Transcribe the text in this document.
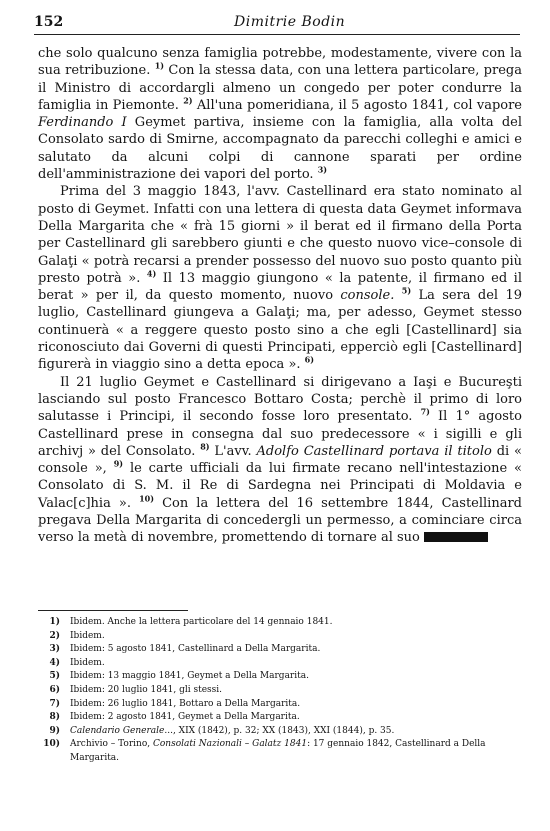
152	Dimitrie Bodin

che solo qualcuno senza famiglia potrebbe, modestamente, vivere con la sua retribuzione. $^{1)}$ Con la stessa data, con una lettera particolare, prega il Ministro di accordargli almeno un congedo per poter condurre la famiglia in Piemonte. $^{2)}$ All'una pomeridiana, il 5 agosto 1841, col vapore Ferdinando I Geymet partiva, insieme con la famiglia, alla volta del Consolato sardo di Smirne, accompagnato da parecchi colleghi e amici e salutato da alcuni colpi di cannone sparati per ordine dell'amministrazione dei vapori del porto. $^{3)}$

Prima del 3 maggio 1843, l'avv. Castellinard era stato nominato al posto di Geymet. Infatti con una lettera di questa data Geymet informava Della Margarita che « frà 15 giorni » il berat ed il firmano della Porta per Castellinard gli sarebbero giunti e che questo nuovo vice–console di Galaţi « potrà recarsi a prender possesso del nuovo suo posto quanto più presto potrà ». $^{4)}$ Il 13 maggio giungono « la patente, il firmano ed il berat » per il, da questo momento, nuovo console. $^{5)}$ La sera del 19 luglio, Castellinard giungeva a Galaţi; ma, per adesso, Geymet stesso continuerà « a reggere questo posto sino a che egli [Castellinard] sia riconosciuto dai Governi di questi Principati, epperciò egli [Castellinard] figurerà in viaggio sino a detta epoca ». $^{6)}$

Il 21 luglio Geymet e Castellinard si dirigevano a Iaşi e Bucureşti lasciando sul posto Francesco Bottaro Costa; perchè il primo di loro salutasse i Principi, il secondo fosse loro presentato. $^{7)}$ Il 1° agosto Castellinard prese in consegna dal suo predecessore « i sigilli e gli archivj » del Consolato. $^{8)}$ L'avv. Adolfo Castellinard portava il titolo di « console », $^{9)}$ le carte ufficiali da lui firmate recano nell'intestazione « Consolato di S. M. il Re di Sardegna nei Principati di Moldavia e Valac[c]hia ». $^{10)}$ Con la lettera del 16 settembre 1844, Castellinard pregava Della Margarita di concedergli un permesso, a cominciare circa verso la metà di novembre, promettendo di tornare al suo

1) Ibidem. Anche la lettera particolare del 14 gennaio 1841.
2) Ibidem.
3) Ibidem: 5 agosto 1841, Castellinard a Della Margarita.
4) Ibidem.
5) Ibidem: 13 maggio 1841, Geymet a Della Margarita.
6) Ibidem: 20 luglio 1841, gli stessi.
7) Ibidem: 26 luglio 1841, Bottaro a Della Margarita.
8) Ibidem: 2 agosto 1841, Geymet a Della Margarita.
9) Calendario Generale..., XIX (1842), p. 32; XX (1843), XXI (1844), p. 35.
10) Archivio – Torino, Consolati Nazionali – Galatz 1841: 17 gennaio 1842, Castellinard a Della Margarita.
